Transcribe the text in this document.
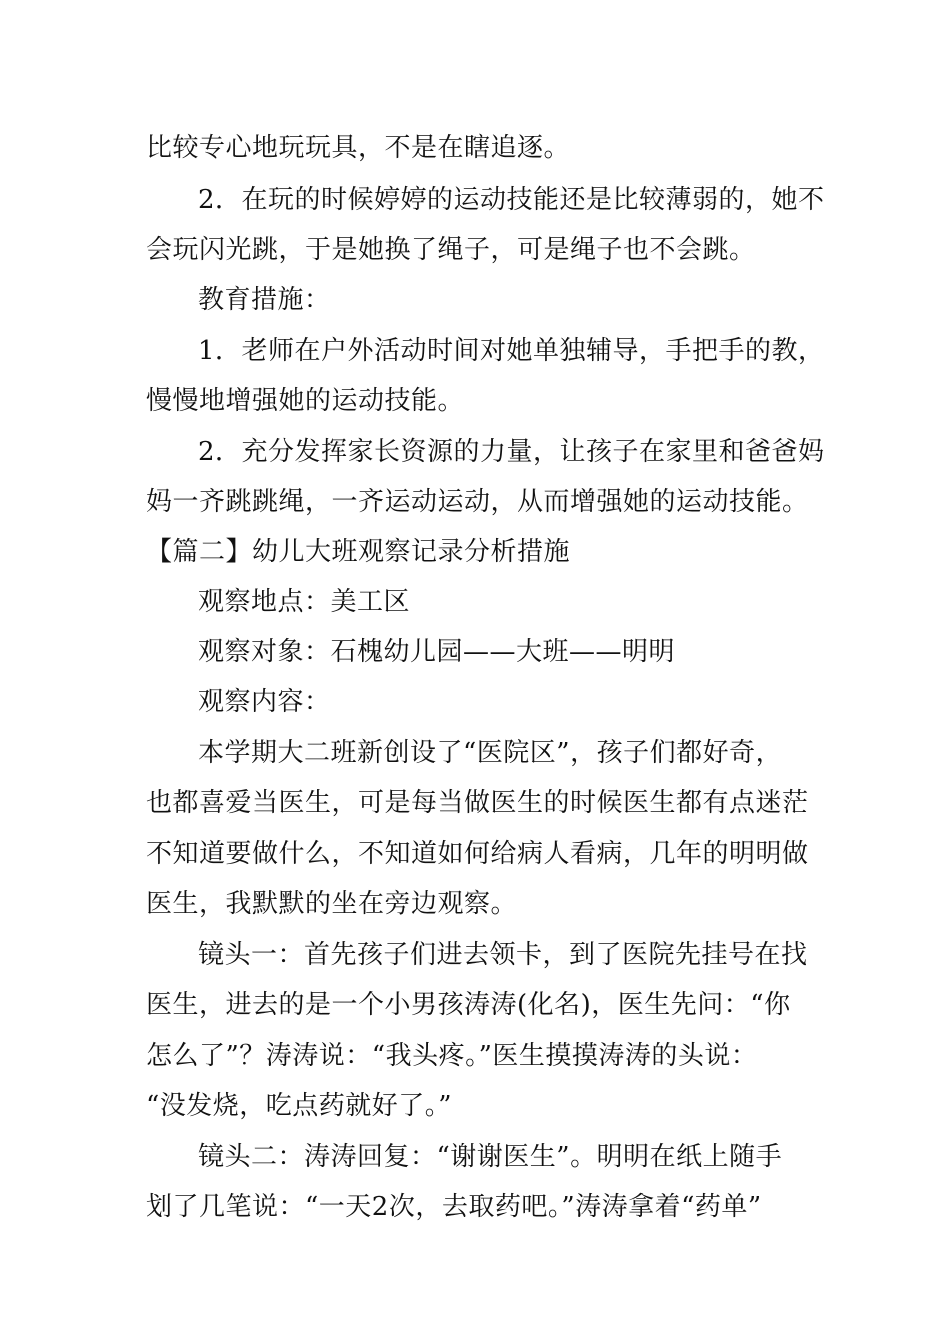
比较专心地玩玩具，不是在瞎追逐。
2．在玩的时候婷婷的运动技能还是比较薄弱的，她不
会玩闪光跳，于是她换了绳子，可是绳子也不会跳。
教育措施：
1．老师在户外活动时间对她单独辅导，手把手的教，
慢慢地增强她的运动技能。
2．充分发挥家长资源的力量，让孩子在家里和爸爸妈
妈一齐跳跳绳，一齐运动运动，从而增强她的运动技能。
【篇二】幼儿大班观察记录分析措施
观察地点：美工区
观察对象：石槐幼儿园——大班——明明
观察内容：
本学期大二班新创设了“医院区”，孩子们都好奇，
也都喜爱当医生，可是每当做医生的时候医生都有点迷茫
不知道要做什么，不知道如何给病人看病，几年的明明做
医生，我默默的坐在旁边观察。
镜头一：首先孩子们进去领卡，到了医院先挂号在找
医生，进去的是一个小男孩涛涛(化名)，医生先问：“你
怎么了”？涛涛说：“我头疼。”医生摸摸涛涛的头说：
“没发烧，吃点药就好了。”
镜头二：涛涛回复：“谢谢医生”。明明在纸上随手
划了几笔说：“一天2次，去取药吧。”涛涛拿着“药单”
